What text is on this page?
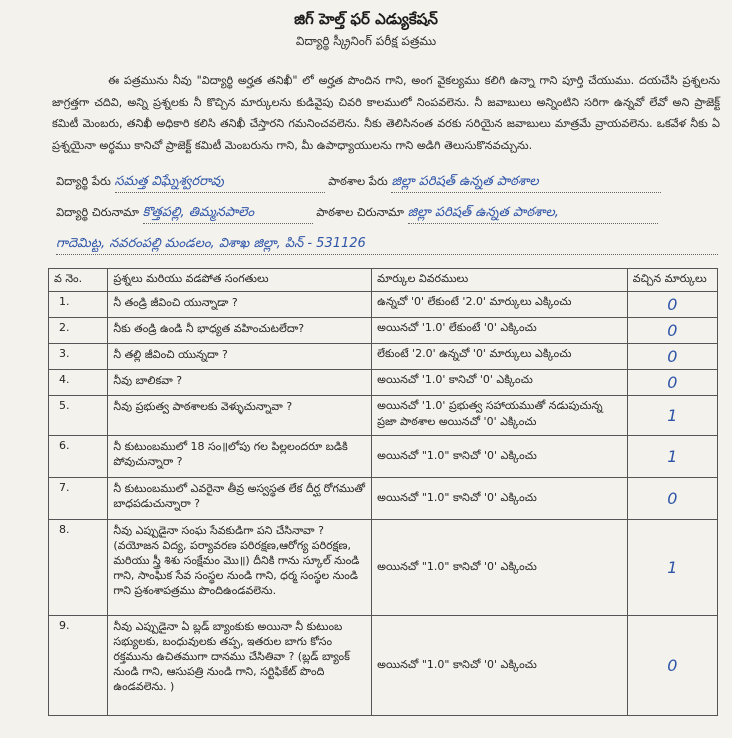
జిగ్ హెల్త్ ఫర్ ఎడ్యుకేషన్
విద్యార్థి స్క్రీనింగ్ పరీక్ష పత్రము
ఈ పత్రమును నీవు "విద్యార్థి అర్హత తనిఖీ" లో అర్హత పొందిన గాని, అంగ వైకల్యము కలిగి ఉన్నా గాని పూర్తి చేయుము. దయచేసి ప్రశ్నలను జాగ్రత్తగా చదివి, అన్ని ప్రశ్నలకు నీ కొచ్చిన మార్కులను కుడివైపు చివరి కాలములో నింపవలెను. నీ జవాబులు అన్నింటిని సరిగా ఉన్నవో లేవో అని ప్రాజెక్ట్ కమిటీ మెంబరు, తనిఖీ అధికారి కలిసి తనిఖీ చేస్తారని గమనించవలెను. నీకు తెలిసినంత వరకు సరియైన జవాబులు మాత్రమే వ్రాయవలెను. ఒకవేళ నీకు ఏ ప్రశ్నయైనా అర్థము కానిచో ప్రాజెక్ట్ కమిటీ మెంబరును గాని, మీ ఉపాధ్యాయులను గాని అడిగి తెలుసుకొనవచ్చును.
విద్యార్థి పేరు సమత్త విఘ్నేశ్వరరావు	పాఠశాల పేరు జిల్లా పరిషత్ ఉన్నత పాఠశాల
విద్యార్థి చిరునామా కొత్తపల్లి, తిమ్మనపాలెం	పాఠశాల చిరునామా జిల్లా పరిషత్ ఉన్నత పాఠశాల,
గాదెమిట్ట, నవరంపల్లి మండలం, విశాఖ జిల్లా, పిన్ - 531126
వ నెం.	ప్రశ్నలు మరియు వడపోత సంగతులు	మార్కుల వివరములు	వచ్చిన మార్కులు
1.	నీ తండ్రి జీవించి యున్నాడా ?	ఉన్నచో '0' లేకుంటే '2.0' మార్కులు ఎక్కించు	0
2.	నీకు తండ్రి ఉండి నీ భాధ్యత వహించుటలేదా?	అయినచో '1.0' లేకుంటే '0' ఎక్కించు	0
3.	నీ తల్లి జీవించి యున్నదా ?	లేకుంటే '2.0' ఉన్నచో '0' మార్కులు ఎక్కించు	0
4.	నీవు బాలికవా ?	అయినచో '1.0' కానిచో '0' ఎక్కించు	0
5.	నీవు ప్రభుత్వ పాఠశాలకు వెళ్ళుచున్నావా ?	అయినచో '1.0' ప్రభుత్వ సహాయముతో నడుపుచున్న ప్రజా పాఠశాల అయినచో '0' ఎక్కించు	1
6.	నీ కుటుంబములో 18 సం॥లోపు గల పిల్లలందరూ బడికి పోవుచున్నారా ?	అయినచో "1.0" కానిచో '0' ఎక్కించు	1
7.	నీ కుటుంబములో ఎవరైనా తీవ్ర అస్వస్థత లేక దీర్ఘ రోగముతో బాధపడుచున్నారా ?	అయినచో "1.0" కానిచో '0' ఎక్కించు	0
8.	నీవు ఎప్పుడైనా సంఘ సేవకుడిగా పని చేసినావా ? (వయోజన విద్య, పర్యావరణ పరిరక్షణ,ఆరోగ్య పరిరక్షణ, మరియు స్త్రీ శిశు సంక్షేమం మొ॥) దీనికి గాను స్కూల్ నుండి గాని, సాంఘిక సేవ సంస్థల నుండి గాని, ధర్మ సంస్థల నుండి గాని ప్రశంశాపత్రము పొందిఉండవలెను.	అయినచో "1.0" కానిచో '0' ఎక్కించు	1
9.	నీవు ఎప్పుడైనా ఏ బ్లడ్ బ్యాంకుకు అయినా నీ కుటుంబ సభ్యులకు, బంధువులకు తప్ప, ఇతరుల బాగు కోసం రక్తమును ఉచితముగా దానము చేసితివా ? (బ్లడ్ బ్యాంక్ నుండి గాని, ఆసుపత్రి నుండి గాని, సర్టిఫికేట్ పొంది ఉండవలెను. )	అయినచో "1.0" కానిచో '0' ఎక్కించు	0
